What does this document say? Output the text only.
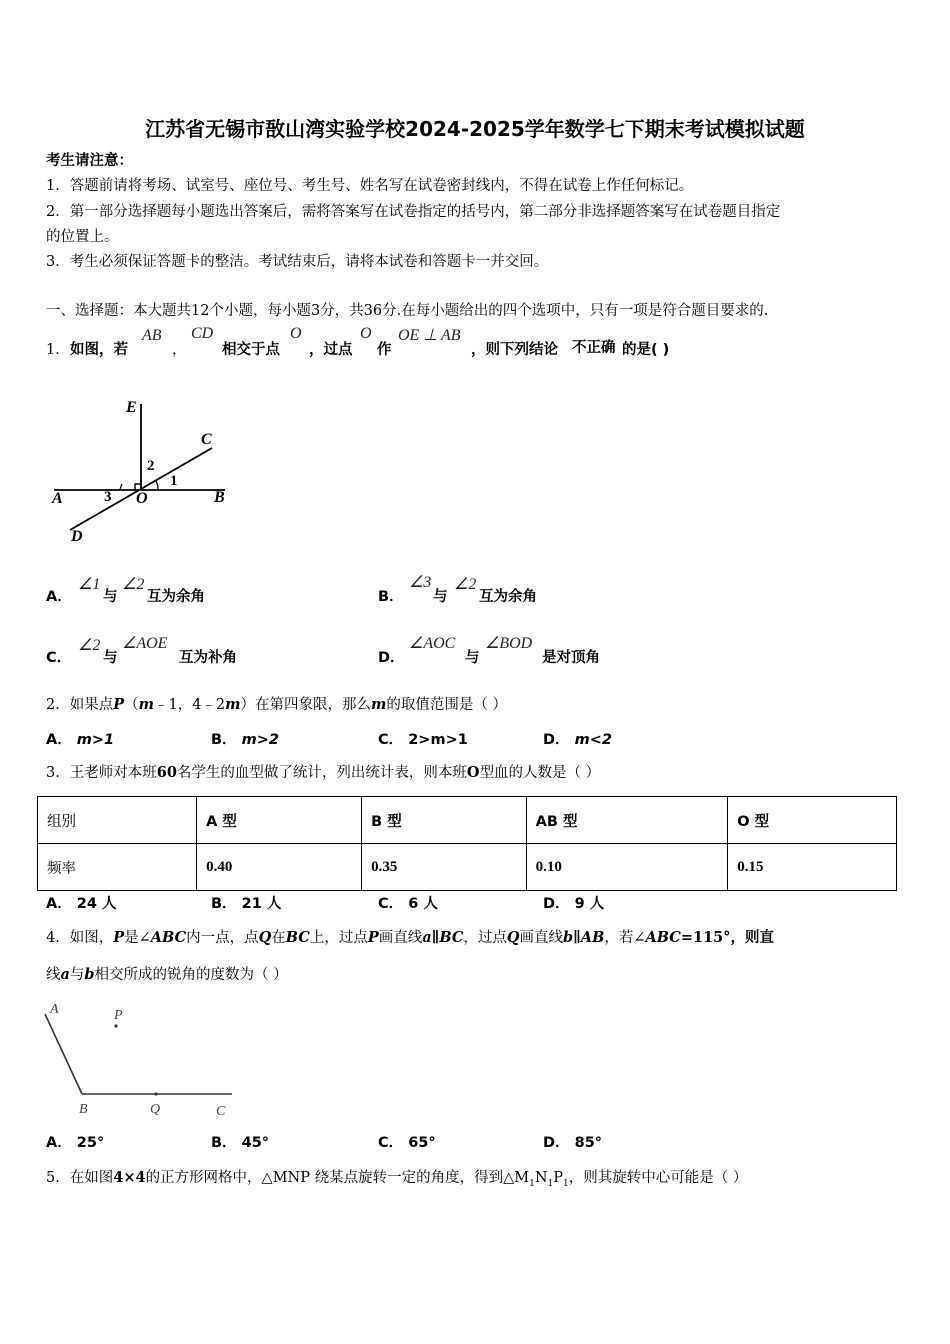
江苏省无锡市敔山湾实验学校2024-2025学年数学七下期末考试模拟试题
考生请注意：
1．答题前请将考场、试室号、座位号、考生号、姓名写在试卷密封线内，不得在试卷上作任何标记。
2．第一部分选择题每小题选出答案后，需将答案写在试卷指定的括号内，第二部分非选择题答案写在试卷题目指定
的位置上。
3．考生必须保证答题卡的整洁。考试结束后，请将本试卷和答题卡一并交回。
一、选择题：本大题共12个小题，每小题3分，共36分.在每小题给出的四个选项中，只有一项是符合题目要求的.
1． 如图，若
AB
，
CD
相交于点
O
，过点
O
作
OE ⊥ AB
，则下列结论 不正确 的是( )
E
C
A	B
O
D
1
2
3
A．
∠1
与
∠2
互为余角	B．
∠3
与
∠2
互为余角
C．
∠2
与
∠AOE
互为补角	D．
∠AOC
与
∠BOD
是对顶角
2．如果点P（m﹣1，4﹣2m）在第四象限，那么m的取值范围是（ ）
A． m>1	B． m>2	C． 2>m>1	D． m<2
3．王老师对本班60名学生的血型做了统计，列出统计表，则本班O型血的人数是（ ）
组别	A 型	B 型	AB 型	O 型
频率	0.40	0.35	0.10	0.15
A． 24 人	B． 21 人	C． 6 人	D． 9 人
4．如图，P是∠ABC内一点，点Q在BC上，过点P画直线a∥BC，过点Q画直线b∥AB，若∠ABC=115°，则直
线a与b相交所成的锐角的度数为（ ）
A	P
B	Q	C
A． 25°	B． 45°	C． 65°	D． 85°
5．在如图4×4的正方形网格中，△MNP 绕某点旋转一定的角度，得到$\triangle M_1N_1P_1$，则其旋转中心可能是（ ）
